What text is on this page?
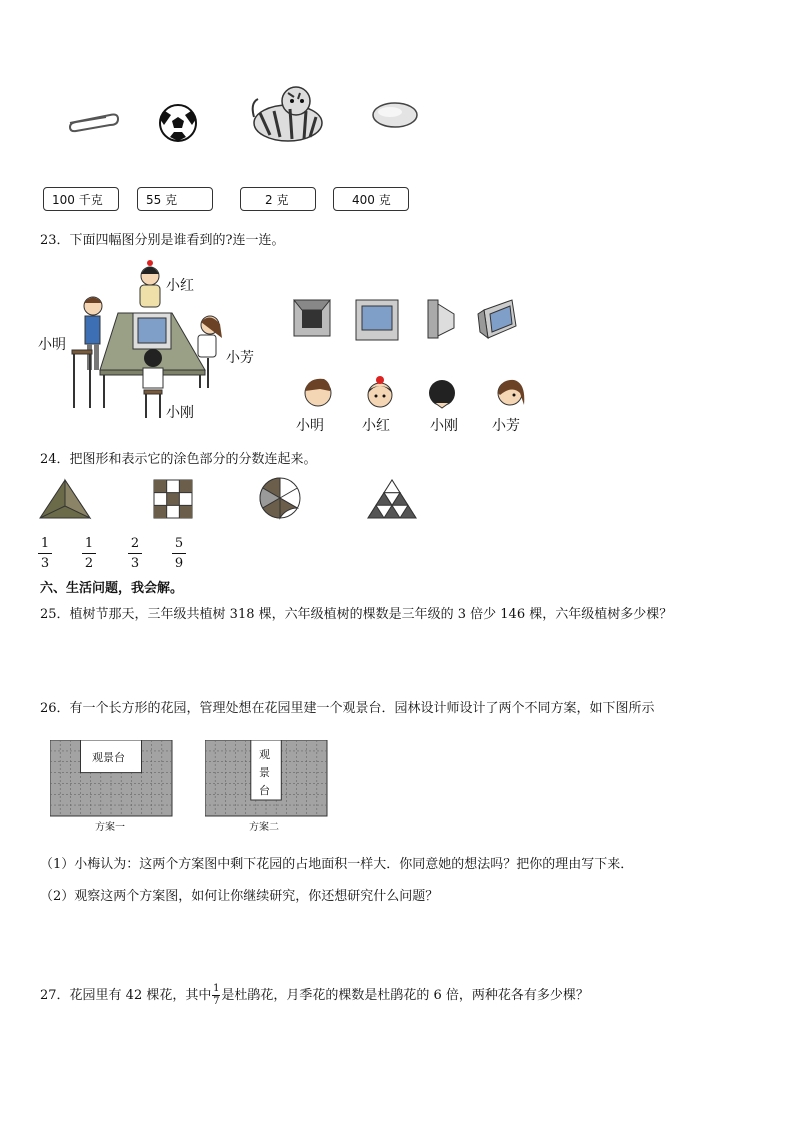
100 千克	55 克	2 克	400 克
23．下面四幅图分别是谁看到的?连一连。
小红
小明
小芳
小刚
小明	小红	小刚 小芳
24．把图形和表示它的涂色部分的分数连起来。
1
3
1
2
2
3
5
9
六、生活问题，我会解。
25．植树节那天，三年级共植树 318 棵，六年级植树的棵数是三年级的 3 倍少 146 棵，六年级植树多少棵？
26．有一个长方形的花园，管理处想在花园里建一个观景台．园林设计师设计了两个不同方案，如下图所示
观景台
方案一
观
景
台
方案二
（1）小梅认为：这两个方案图中剩下花园的占地面积一样大．你同意她的想法吗？把你的理由写下来．
（2）观察这两个方案图，如何让你继续研究，你还想研究什么问题？
27．花园里有 42 棵花，其中$\frac{1}{7}$是杜鹃花，月季花的棵数是杜鹃花的 6 倍，两种花各有多少棵？
